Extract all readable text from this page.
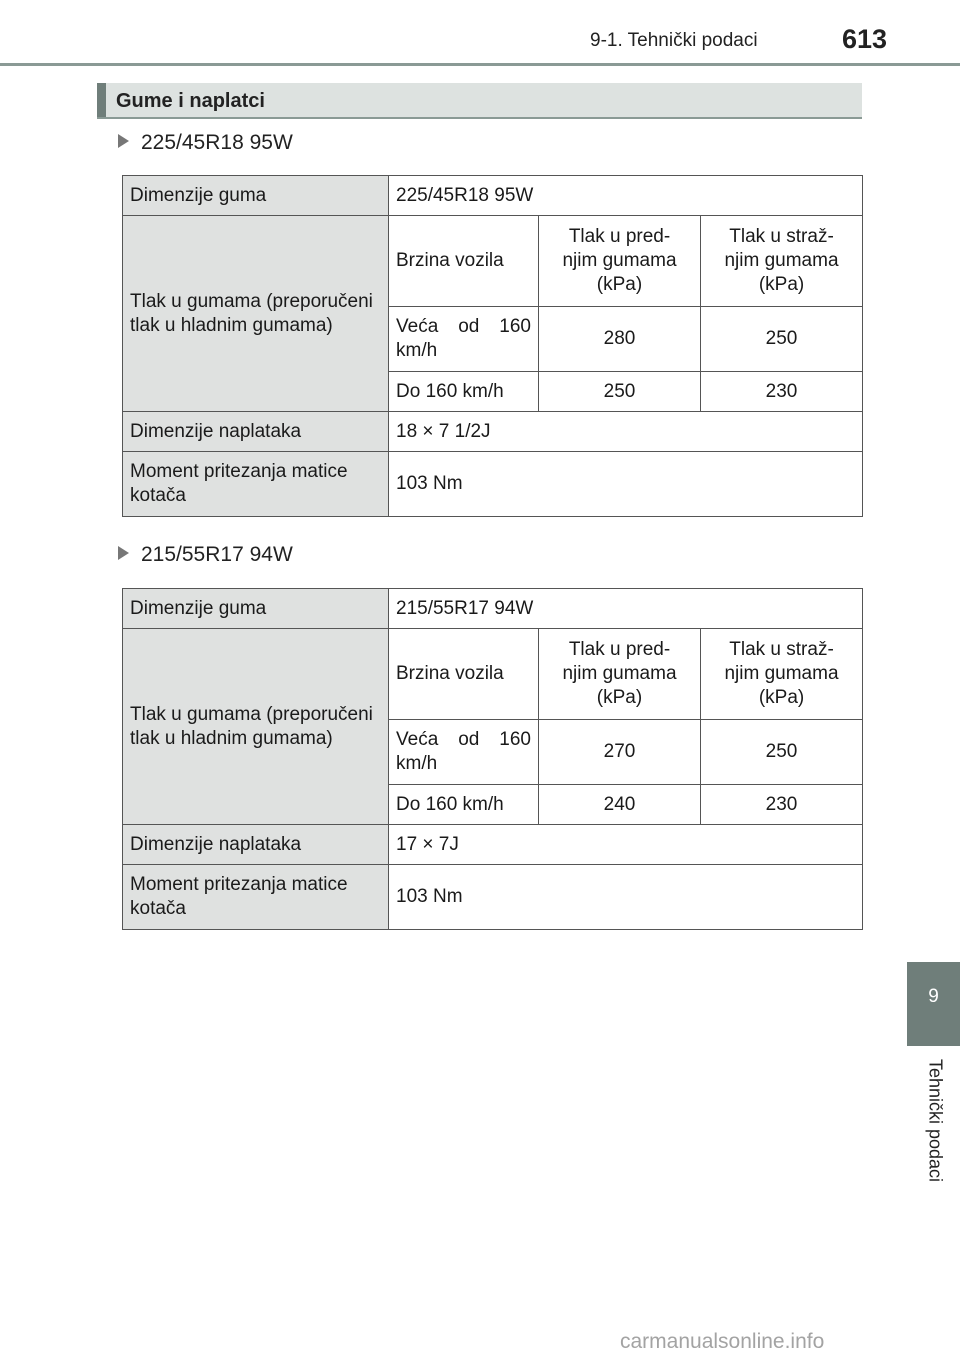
9-1. Tehnički podaci	613
Gume i naplatci
225/45R18 95W
Dimenzije guma	225/45R18 95W		
Tlak u gumama (preporučeni tlak u hladnim gumama)	Brzina vozila	Tlak u pred-
njim gumama
(kPa)	Tlak u straž-
njim gumama
(kPa)

	Veća od 160
km/h	280	250
	Do 160 km/h	250	230
Dimenzije naplataka	18 × 7 1/2J		
Moment pritezanja matice kotača	103 Nm		
215/55R17 94W
Dimenzije guma	215/55R17 94W		
Tlak u gumama (preporučeni tlak u hladnim gumama)	Brzina vozila	Tlak u pred-
njim gumama
(kPa)	Tlak u straž-
njim gumama
(kPa)

	Veća od 160
km/h	270	250
	Do 160 km/h	240	230
Dimenzije naplataka	17 × 7J		
Moment pritezanja matice kotača	103 Nm		
9
Tehnički podaci
carmanualsonline.info
